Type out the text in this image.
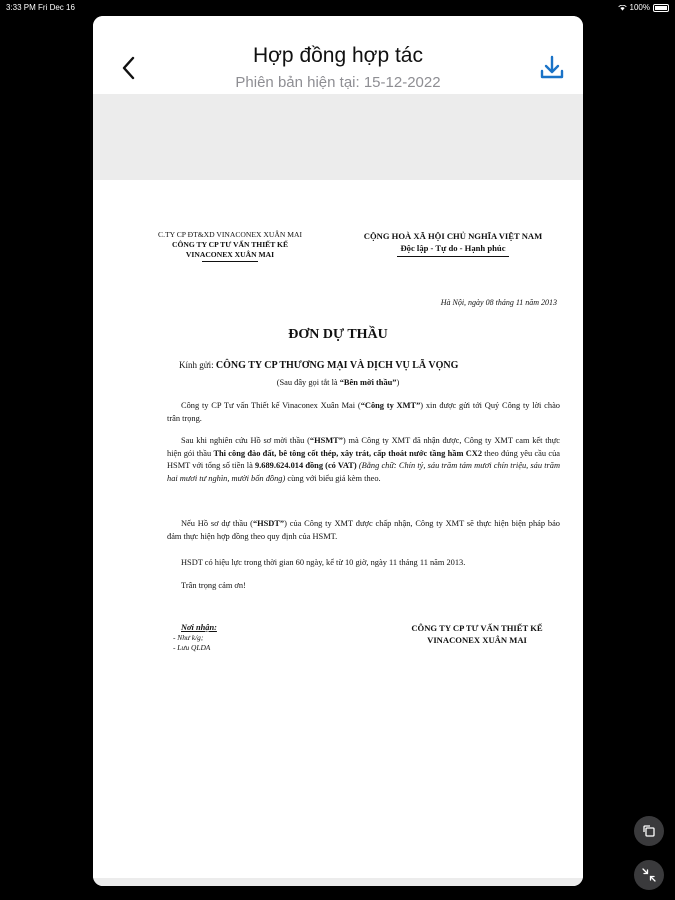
3:33 PM Fri Dec 16	100%
Hợp đồng hợp tác
Phiên bản hiện tại: 15-12-2022
C.TY CP ĐT&XD VINACONEX XUÂN MAI
CÔNG TY CP TƯ VẤN THIẾT KẾ
VINACONEX XUÂN MAI
CỘNG HOÀ XÃ HỘI CHỦ NGHĨA VIỆT NAM
Độc lập - Tự do - Hạnh phúc
Hà Nội, ngày 08 tháng 11 năm 2013
ĐƠN DỰ THẦU
Kính gửi: CÔNG TY CP THƯƠNG MẠI VÀ DỊCH VỤ LÃ VỌNG
(Sau đây gọi tắt là “Bên mời thầu”)

Công ty CP Tư vấn Thiết kế Vinaconex Xuân Mai (“Công ty XMT”) xin được gửi tới Quý Công ty lời chào trân trọng.

Sau khi nghiên cứu Hồ sơ mời thầu (“HSMT”) mà Công ty XMT đã nhận được, Công ty XMT cam kết thực hiện gói thầu Thi công đào đất, bê tông cốt thép, xây trát, cấp thoát nước tầng hầm CX2 theo đúng yêu cầu của HSMT với tổng số tiền là 9.689.624.014 đồng (có VAT) (Bằng chữ: Chín tỷ, sáu trăm tám mươi chín triệu, sáu trăm hai mươi tư nghìn, mười bốn đồng) cùng với biểu giá kèm theo.

Nếu Hồ sơ dự thầu (“HSDT”) của Công ty XMT được chấp nhận, Công ty XMT sẽ thực hiện biện pháp bảo đảm thực hiện hợp đồng theo quy định của HSMT.

HSDT có hiệu lực trong thời gian 60 ngày, kể từ 10 giờ, ngày 11 tháng 11 năm 2013.

Trân trọng cảm ơn!

Nơi nhận:
- Như k/g;
- Lưu QLDA
CÔNG TY CP TƯ VẤN THIẾT KẾ
VINACONEX XUÂN MAI
